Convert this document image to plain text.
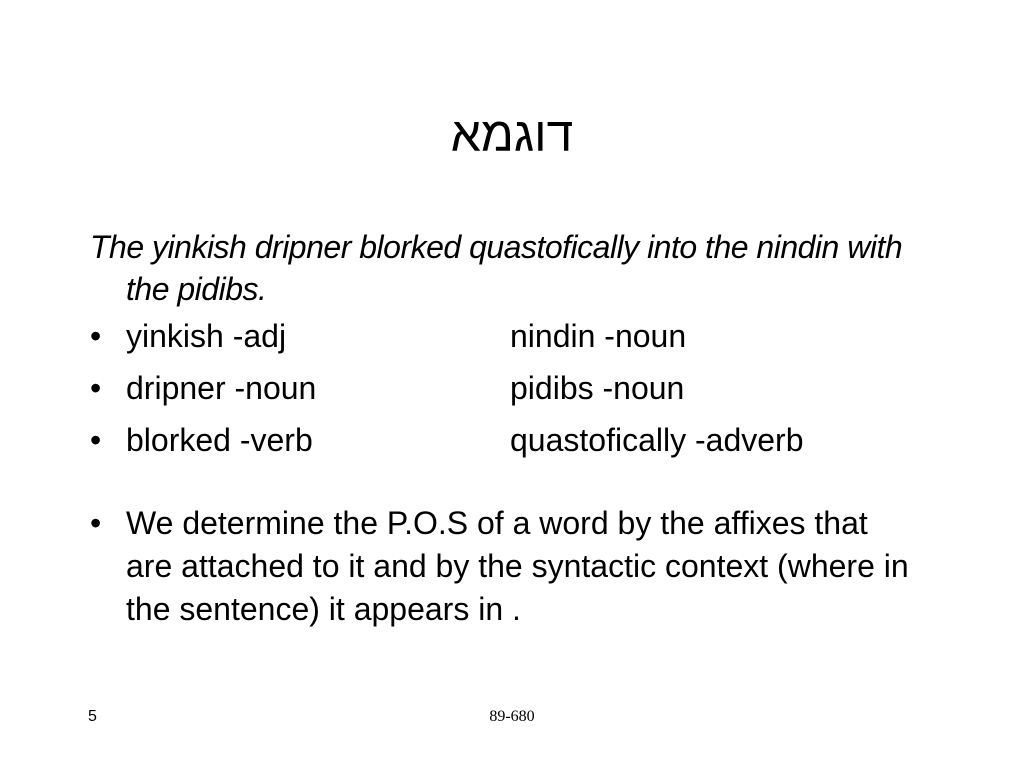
דוגמא

The yinkish dripner blorked quastofically into the nindin with the pidibs.

• yinkish -adj	nindin -noun
• dripner -noun	pidibs -noun
• blorked -verb	quastofically -adverb
• We determine the P.O.S of a word by the affixes that are attached to it and by the syntactic context (where in the sentence) it appears in .
5	89-680
